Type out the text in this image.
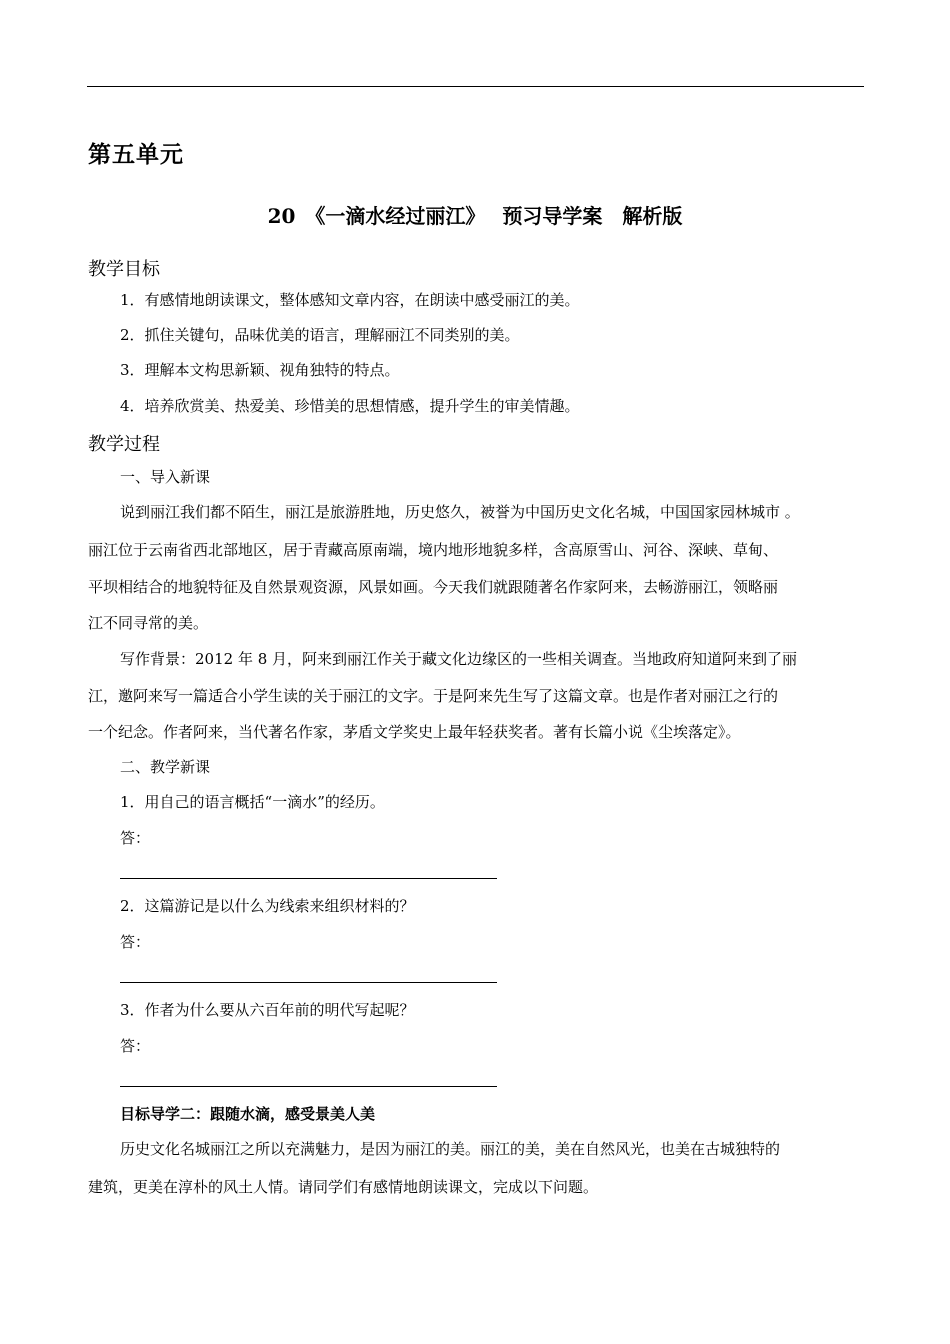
第五单元
20　《一滴水经过丽江》　 预习导学案　解析版
教学目标
1．有感情地朗读课文，整体感知文章内容，在朗读中感受丽江的美。
2．抓住关键句，品味优美的语言，理解丽江不同类别的美。
3．理解本文构思新颖、视角独特的特点。
4．培养欣赏美、热爱美、珍惜美的思想情感，提升学生的审美情趣。
教学过程
一、导入新课
说到丽江我们都不陌生，丽江是旅游胜地，历史悠久，被誉为中国历史文化名城，中国国家园林城市 。
丽江位于云南省西北部地区，居于青藏高原南端，境内地形地貌多样，含高原雪山、河谷、深峡、草甸、
平坝相结合的地貌特征及自然景观资源，风景如画。今天我们就跟随著名作家阿来，去畅游丽江，领略丽
江不同寻常的美。
写作背景：2012 年 8 月，阿来到丽江作关于藏文化边缘区的一些相关调查。当地政府知道阿来到了丽
江，邀阿来写一篇适合小学生读的关于丽江的文字。于是阿来先生写了这篇文章。也是作者对丽江之行的
一个纪念。作者阿来，当代著名作家，茅盾文学奖史上最年轻获奖者。著有长篇小说《尘埃落定》。
二、教学新课
1．用自己的语言概括“一滴水”的经历。
答：
2．这篇游记是以什么为线索来组织材料的？
答：
3．作者为什么要从六百年前的明代写起呢？
答：
目标导学二：跟随水滴，感受景美人美
历史文化名城丽江之所以充满魅力，是因为丽江的美。丽江的美，美在自然风光，也美在古城独特的
建筑，更美在淳朴的风土人情。请同学们有感情地朗读课文，完成以下问题。
